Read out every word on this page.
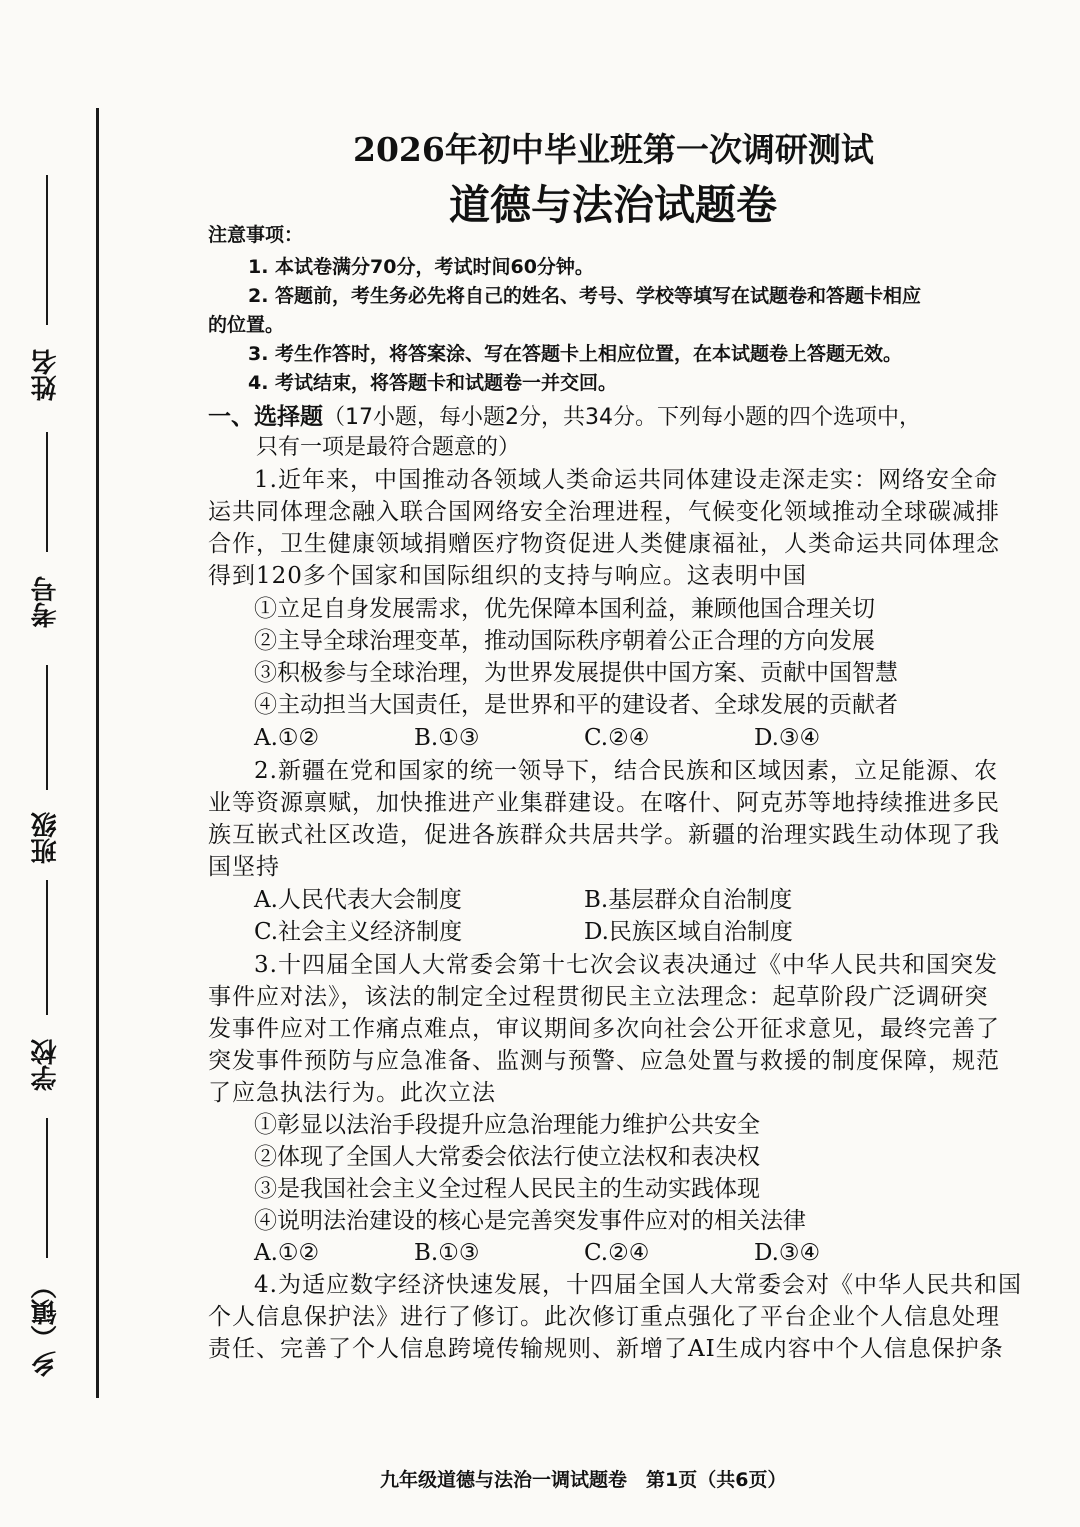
姓名
考号
班级
学校
乡（镇）
2026年初中毕业班第一次调研测试
道德与法治试题卷
注意事项：
1. 本试卷满分70分，考试时间60分钟。
2. 答题前，考生务必先将自己的姓名、考号、学校等填写在试题卷和答题卡相应
的位置。
3. 考生作答时，将答案涂、写在答题卡上相应位置，在本试题卷上答题无效。
4. 考试结束，将答题卡和试题卷一并交回。
一、选择题（17小题，每小题2分，共34分。下列每小题的四个选项中，
只有一项是最符合题意的）
1.近年来，中国推动各领域人类命运共同体建设走深走实：网络安全命
运共同体理念融入联合国网络安全治理进程，气候变化领域推动全球碳减排
合作，卫生健康领域捐赠医疗物资促进人类健康福祉，人类命运共同体理念
得到120多个国家和国际组织的支持与响应。这表明中国
①立足自身发展需求，优先保障本国利益，兼顾他国合理关切
②主导全球治理变革，推动国际秩序朝着公正合理的方向发展
③积极参与全球治理，为世界发展提供中国方案、贡献中国智慧
④主动担当大国责任，是世界和平的建设者、全球发展的贡献者
A.①②	B.①③	C.②④	D.③④
2.新疆在党和国家的统一领导下，结合民族和区域因素，立足能源、农
业等资源禀赋，加快推进产业集群建设。在喀什、阿克苏等地持续推进多民
族互嵌式社区改造，促进各族群众共居共学。新疆的治理实践生动体现了我
国坚持
A.人民代表大会制度	B.基层群众自治制度
C.社会主义经济制度	D.民族区域自治制度
3.十四届全国人大常委会第十七次会议表决通过《中华人民共和国突发
事件应对法》，该法的制定全过程贯彻民主立法理念：起草阶段广泛调研突
发事件应对工作痛点难点，审议期间多次向社会公开征求意见，最终完善了
突发事件预防与应急准备、监测与预警、应急处置与救援的制度保障，规范
了应急执法行为。此次立法
①彰显以法治手段提升应急治理能力维护公共安全
②体现了全国人大常委会依法行使立法权和表决权
③是我国社会主义全过程人民民主的生动实践体现
④说明法治建设的核心是完善突发事件应对的相关法律
A.①②	B.①③	C.②④	D.③④
4.为适应数字经济快速发展，十四届全国人大常委会对《中华人民共和国
个人信息保护法》进行了修订。此次修订重点强化了平台企业个人信息处理
责任、完善了个人信息跨境传输规则、新增了AI生成内容中个人信息保护条
九年级道德与法治一调试题卷　第1页（共6页）
